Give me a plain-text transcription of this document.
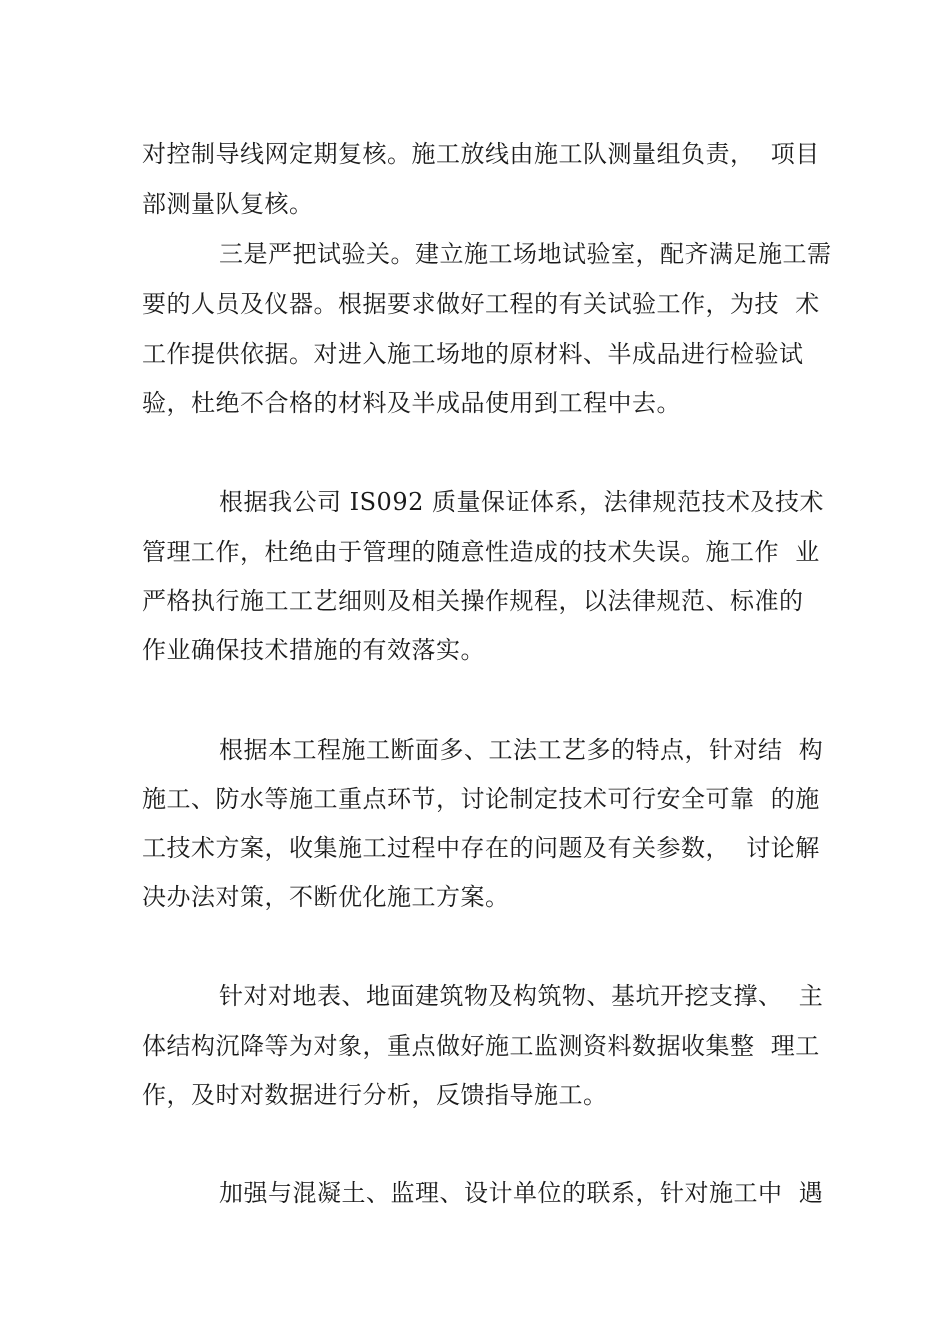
对控制导线网定期复核。施工放线由施工队测量组负责，  项目
部测量队复核。
三是严把试验关。建立施工场地试验室，配齐满足施工需
要的人员及仪器。根据要求做好工程的有关试验工作，为技  术
工作提供依据。对进入施工场地的原材料、半成品进行检验试
验，杜绝不合格的材料及半成品使用到工程中去。

根据我公司 IS092 质量保证体系，法律规范技术及技术
管理工作，杜绝由于管理的随意性造成的技术失误。施工作  业
严格执行施工工艺细则及相关操作规程，以法律规范、标准的
作业确保技术措施的有效落实。

根据本工程施工断面多、工法工艺多的特点，针对结  构
施工、防水等施工重点环节，讨论制定技术可行安全可靠  的施
工技术方案，收集施工过程中存在的问题及有关参数，  讨论解
决办法对策，不断优化施工方案。

针对对地表、地面建筑物及构筑物、基坑开挖支撑、  主
体结构沉降等为对象，重点做好施工监测资料数据收集整  理工
作，及时对数据进行分析，反馈指导施工。

加强与混凝土、监理、设计单位的联系，针对施工中  遇
